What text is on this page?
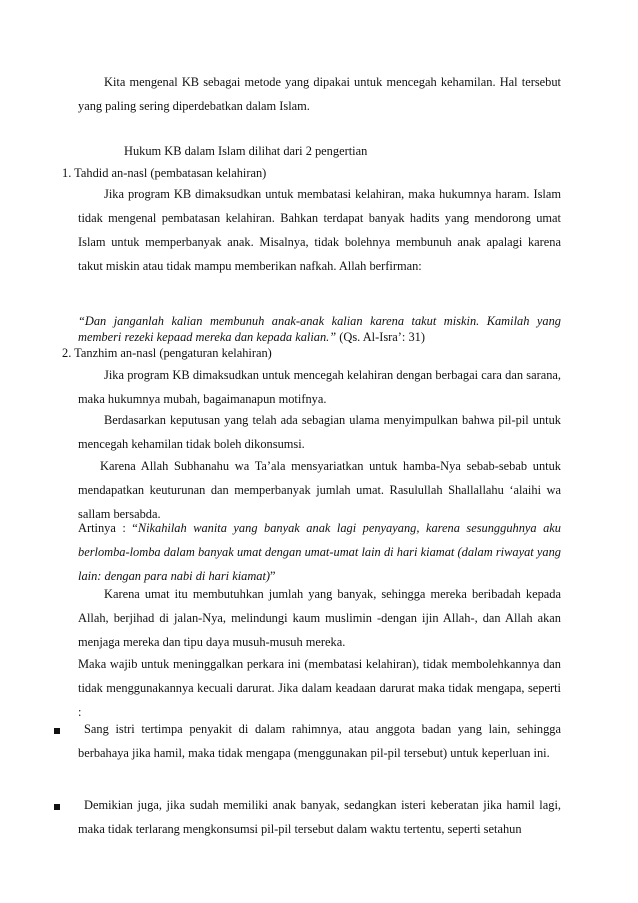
Kita mengenal KB sebagai metode yang dipakai untuk mencegah kehamilan. Hal tersebut yang paling sering diperdebatkan dalam Islam.

Hukum KB dalam Islam dilihat dari 2 pengertian

1. Tahdid an-nasl (pembatasan kelahiran)

Jika program KB dimaksudkan untuk membatasi kelahiran, maka hukumnya haram. Islam tidak mengenal pembatasan kelahiran. Bahkan terdapat banyak hadits yang mendorong umat Islam untuk memperbanyak anak. Misalnya, tidak bolehnya membunuh anak apalagi karena takut miskin atau tidak mampu memberikan nafkah. Allah berfirman:

“Dan janganlah kalian membunuh anak-anak kalian karena takut miskin. Kamilah yang memberi rezeki kepaad mereka dan kepada kalian.” (Qs. Al-Isra’: 31)

2. Tanzhim an-nasl (pengaturan kelahiran)

Jika program KB dimaksudkan untuk mencegah kelahiran dengan berbagai cara dan sarana, maka hukumnya mubah, bagaimanapun motifnya.

Berdasarkan keputusan yang telah ada sebagian ulama menyimpulkan bahwa pil-pil untuk mencegah kehamilan tidak boleh dikonsumsi.

Karena Allah Subhanahu wa Ta’ala mensyariatkan untuk hamba-Nya sebab-sebab untuk mendapatkan keuturunan dan memperbanyak jumlah umat. Rasulullah Shallallahu ‘alaihi wa sallam bersabda.

Artinya : “Nikahilah wanita yang banyak anak lagi penyayang, karena sesungguhnya aku berlomba-lomba dalam banyak umat dengan umat-umat lain di hari kiamat (dalam riwayat yang lain: dengan para nabi di hari kiamat)”

Karena umat itu membutuhkan jumlah yang banyak, sehingga mereka beribadah kepada Allah, berjihad di jalan-Nya, melindungi kaum muslimin -dengan ijin Allah-, dan Allah akan menjaga mereka dan tipu daya musuh-musuh mereka.

Maka wajib untuk meninggalkan perkara ini (membatasi kelahiran), tidak membolehkannya dan tidak menggunakannya kecuali darurat. Jika dalam keadaan darurat maka tidak mengapa, seperti :

Sang istri tertimpa penyakit di dalam rahimnya, atau anggota badan yang lain, sehingga berbahaya jika hamil, maka tidak mengapa (menggunakan pil-pil tersebut) untuk keperluan ini.

Demikian juga, jika sudah memiliki anak banyak, sedangkan isteri keberatan jika hamil lagi, maka tidak terlarang mengkonsumsi pil-pil tersebut dalam waktu tertentu, seperti setahun
